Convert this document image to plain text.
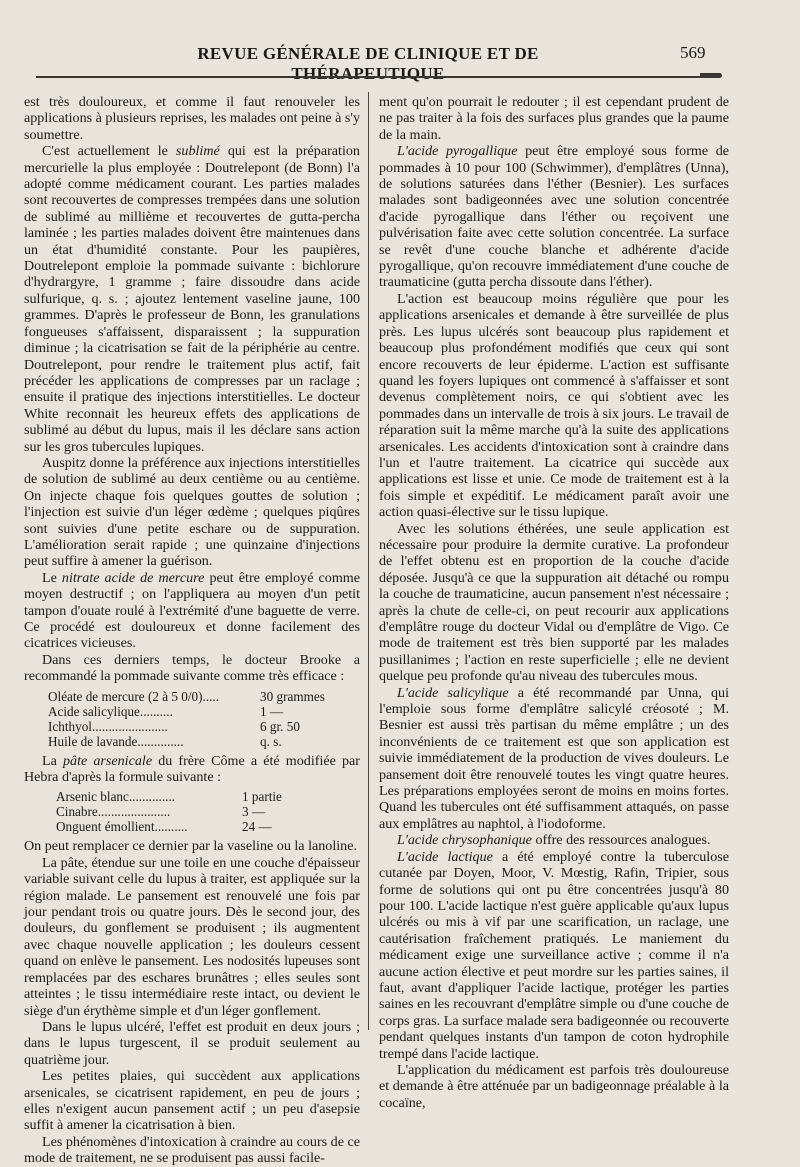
REVUE GÉNÉRALE DE CLINIQUE ET DE THÉRAPEUTIQUE
569

est très douloureux, et comme il faut renouveler les applications à plusieurs reprises, les malades ont peine à s'y soumettre.

C'est actuellement le sublimé qui est la préparation mercurielle la plus employée : Doutrelepont (de Bonn) l'a adopté comme médicament courant. Les parties malades sont recouvertes de compresses trempées dans une solution de sublimé au millième et recouvertes de gutta-percha laminée ; les parties malades doivent être maintenues dans un état d'humidité constante. Pour les paupières, Doutrelepont emploie la pommade suivante : bichlorure d'hydrargyre, 1 gramme ; faire dissoudre dans acide sulfurique, q. s. ; ajoutez lentement vaseline jaune, 100 grammes. D'après le professeur de Bonn, les granulations fongueuses s'affaissent, disparaissent ; la suppuration diminue ; la cicatrisation se fait de la périphérie au centre. Doutrelepont, pour rendre le traitement plus actif, fait précéder les applications de compresses par un raclage ; ensuite il pratique des injections interstitielles. Le docteur White reconnait les heureux effets des applications de sublimé au début du lupus, mais il les déclare sans action sur les gros tubercules lupiques.

Auspitz donne la préférence aux injections interstitielles de solution de sublimé au deux centième ou au centième. On injecte chaque fois quelques gouttes de solution ; l'injection est suivie d'un léger œdème ; quelques piqûres sont suivies d'une petite eschare ou de suppuration. L'amélioration serait rapide ; une quinzaine d'injections peut suffire à amener la guérison.

Le nitrate acide de mercure peut être employé comme moyen destructif ; on l'appliquera au moyen d'un petit tampon d'ouate roulé à l'extrémité d'une baguette de verre. Ce procédé est douloureux et donne facilement des cicatrices vicieuses.

Dans ces derniers temps, le docteur Brooke a recommandé la pommade suivante comme très efficace :

Oléate de mercure (2 à 5 0/0) .....	30 grammes
Acide salicylique ..........	1 —
Ichthyol .......................	6 gr. 50
Huile de lavande ..............	q. s.

La pâte arsenicale du frère Côme a été modifiée par Hebra d'après la formule suivante :

Arsenic blanc ..............	1 partie
Cinabre ......................	3 —
Onguent émollient ..........	24 —

On peut remplacer ce dernier par la vaseline ou la lanoline.

La pâte, étendue sur une toile en une couche d'épaisseur variable suivant celle du lupus à traiter, est appliquée sur la région malade. Le pansement est renouvelé une fois par jour pendant trois ou quatre jours. Dès le second jour, des douleurs, du gonflement se produisent ; ils augmentent avec chaque nouvelle application ; les douleurs cessent quand on enlève le pansement. Les nodosités lupeuses sont remplacées par des eschares brunâtres ; elles seules sont atteintes ; le tissu intermédiaire reste intact, ou devient le siège d'un érythème simple et d'un léger gonflement.

Dans le lupus ulcéré, l'effet est produit en deux jours ; dans le lupus turgescent, il se produit seulement au quatrième jour.

Les petites plaies, qui succèdent aux applications arsenicales, se cicatrisent rapidement, en peu de jours ; elles n'exigent aucun pansement actif ; un peu d'asepsie suffit à amener la cicatrisation à bien.

Les phénomènes d'intoxication à craindre au cours de ce mode de traitement, ne se produisent pas aussi facile-

ment qu'on pourrait le redouter ; il est cependant prudent de ne pas traiter à la fois des surfaces plus grandes que la paume de la main.

L'acide pyrogallique peut être employé sous forme de pommades à 10 pour 100 (Schwimmer), d'emplâtres (Unna), de solutions saturées dans l'éther (Besnier). Les surfaces malades sont badigeonnées avec une solution concentrée d'acide pyrogallique dans l'éther ou reçoivent une pulvérisation faite avec cette solution concentrée. La surface se revêt d'une couche blanche et adhérente d'acide pyrogallique, qu'on recouvre immédiatement d'une couche de traumaticine (gutta percha dissoute dans l'éther).

L'action est beaucoup moins régulière que pour les applications arsenicales et demande à être surveillée de plus près. Les lupus ulcérés sont beaucoup plus rapidement et beaucoup plus profondément modifiés que ceux qui sont encore recouverts de leur épiderme. L'action est suffisante quand les foyers lupiques ont commencé à s'affaisser et sont devenus complètement noirs, ce qui s'obtient avec les pommades dans un intervalle de trois à six jours. Le travail de réparation suit la même marche qu'à la suite des applications arsenicales. Les accidents d'intoxication sont à craindre dans l'un et l'autre traitement. La cicatrice qui succède aux applications est lisse et unie. Ce mode de traitement est à la fois simple et expéditif. Le médicament paraît avoir une action quasi-élective sur le tissu lupique.

Avec les solutions éthérées, une seule application est nécessaire pour produire la dermite curative. La profondeur de l'effet obtenu est en proportion de la couche d'acide déposée. Jusqu'à ce que la suppuration ait détaché ou rompu la couche de traumaticine, aucun pansement n'est nécessaire ; après la chute de celle-ci, on peut recourir aux applications d'emplâtre rouge du docteur Vidal ou d'emplâtre de Vigo. Ce mode de traitement est très bien supporté par les malades pusillanimes ; l'action en reste superficielle ; elle ne devient quelque peu profonde qu'au niveau des tubercules mous.

L'acide salicylique a été recommandé par Unna, qui l'emploie sous forme d'emplâtre salicylé créosoté ; M. Besnier est aussi très partisan du même emplâtre ; un des inconvénients de ce traitement est que son application est suivie immédiatement de la production de vives douleurs. Le pansement doit être renouvelé toutes les vingt quatre heures. Les préparations employées seront de moins en moins fortes. Quand les tubercules ont été suffisamment attaqués, on passe aux emplâtres au naphtol, à l'iodoforme.

L'acide chrysophanique offre des ressources analogues.

L'acide lactique a été employé contre la tuberculose cutanée par Doyen, Moor, V. Mœstig, Rafin, Tripier, sous forme de solutions qui ont pu être concentrées jusqu'à 80 pour 100. L'acide lactique n'est guère applicable qu'aux lupus ulcérés ou mis à vif par une scarification, un raclage, une cautérisation fraîchement pratiqués. Le maniement du médicament exige une surveillance active ; comme il n'a aucune action élective et peut mordre sur les parties saines, il faut, avant d'appliquer l'acide lactique, protéger les parties saines en les recouvrant d'emplâtre simple ou d'une couche de corps gras. La surface malade sera badigeonnée ou recouverte pendant quelques instants d'un tampon de coton hydrophile trempé dans l'acide lactique.

L'application du médicament est parfois très douloureuse et demande à être atténuée par un badigeonnage préalable à la cocaïne,
